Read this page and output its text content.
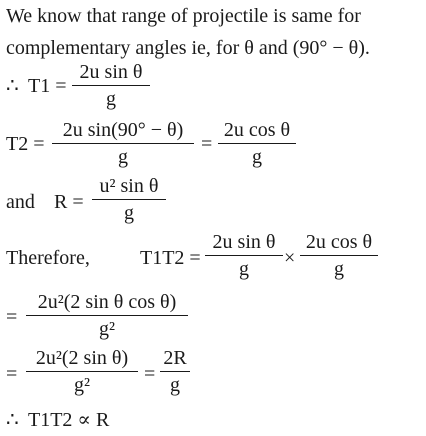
We know that range of projectile is same for
complementary angles ie, for θ and (90° − θ).
∴ T1 =
2u sin θ
g
T2 =
2u sin(90° − θ)
g
=
2u cos θ
g
and R =
u² sin θ
g
Therefore,	T1T2 =
2u sin θ
g	×
2u cos θ
g
=
2u²(2 sin θ cos θ)
g²
=
2u²(2 sin θ)
g²	=
2R
g
∴ T1T2 ∝ R
